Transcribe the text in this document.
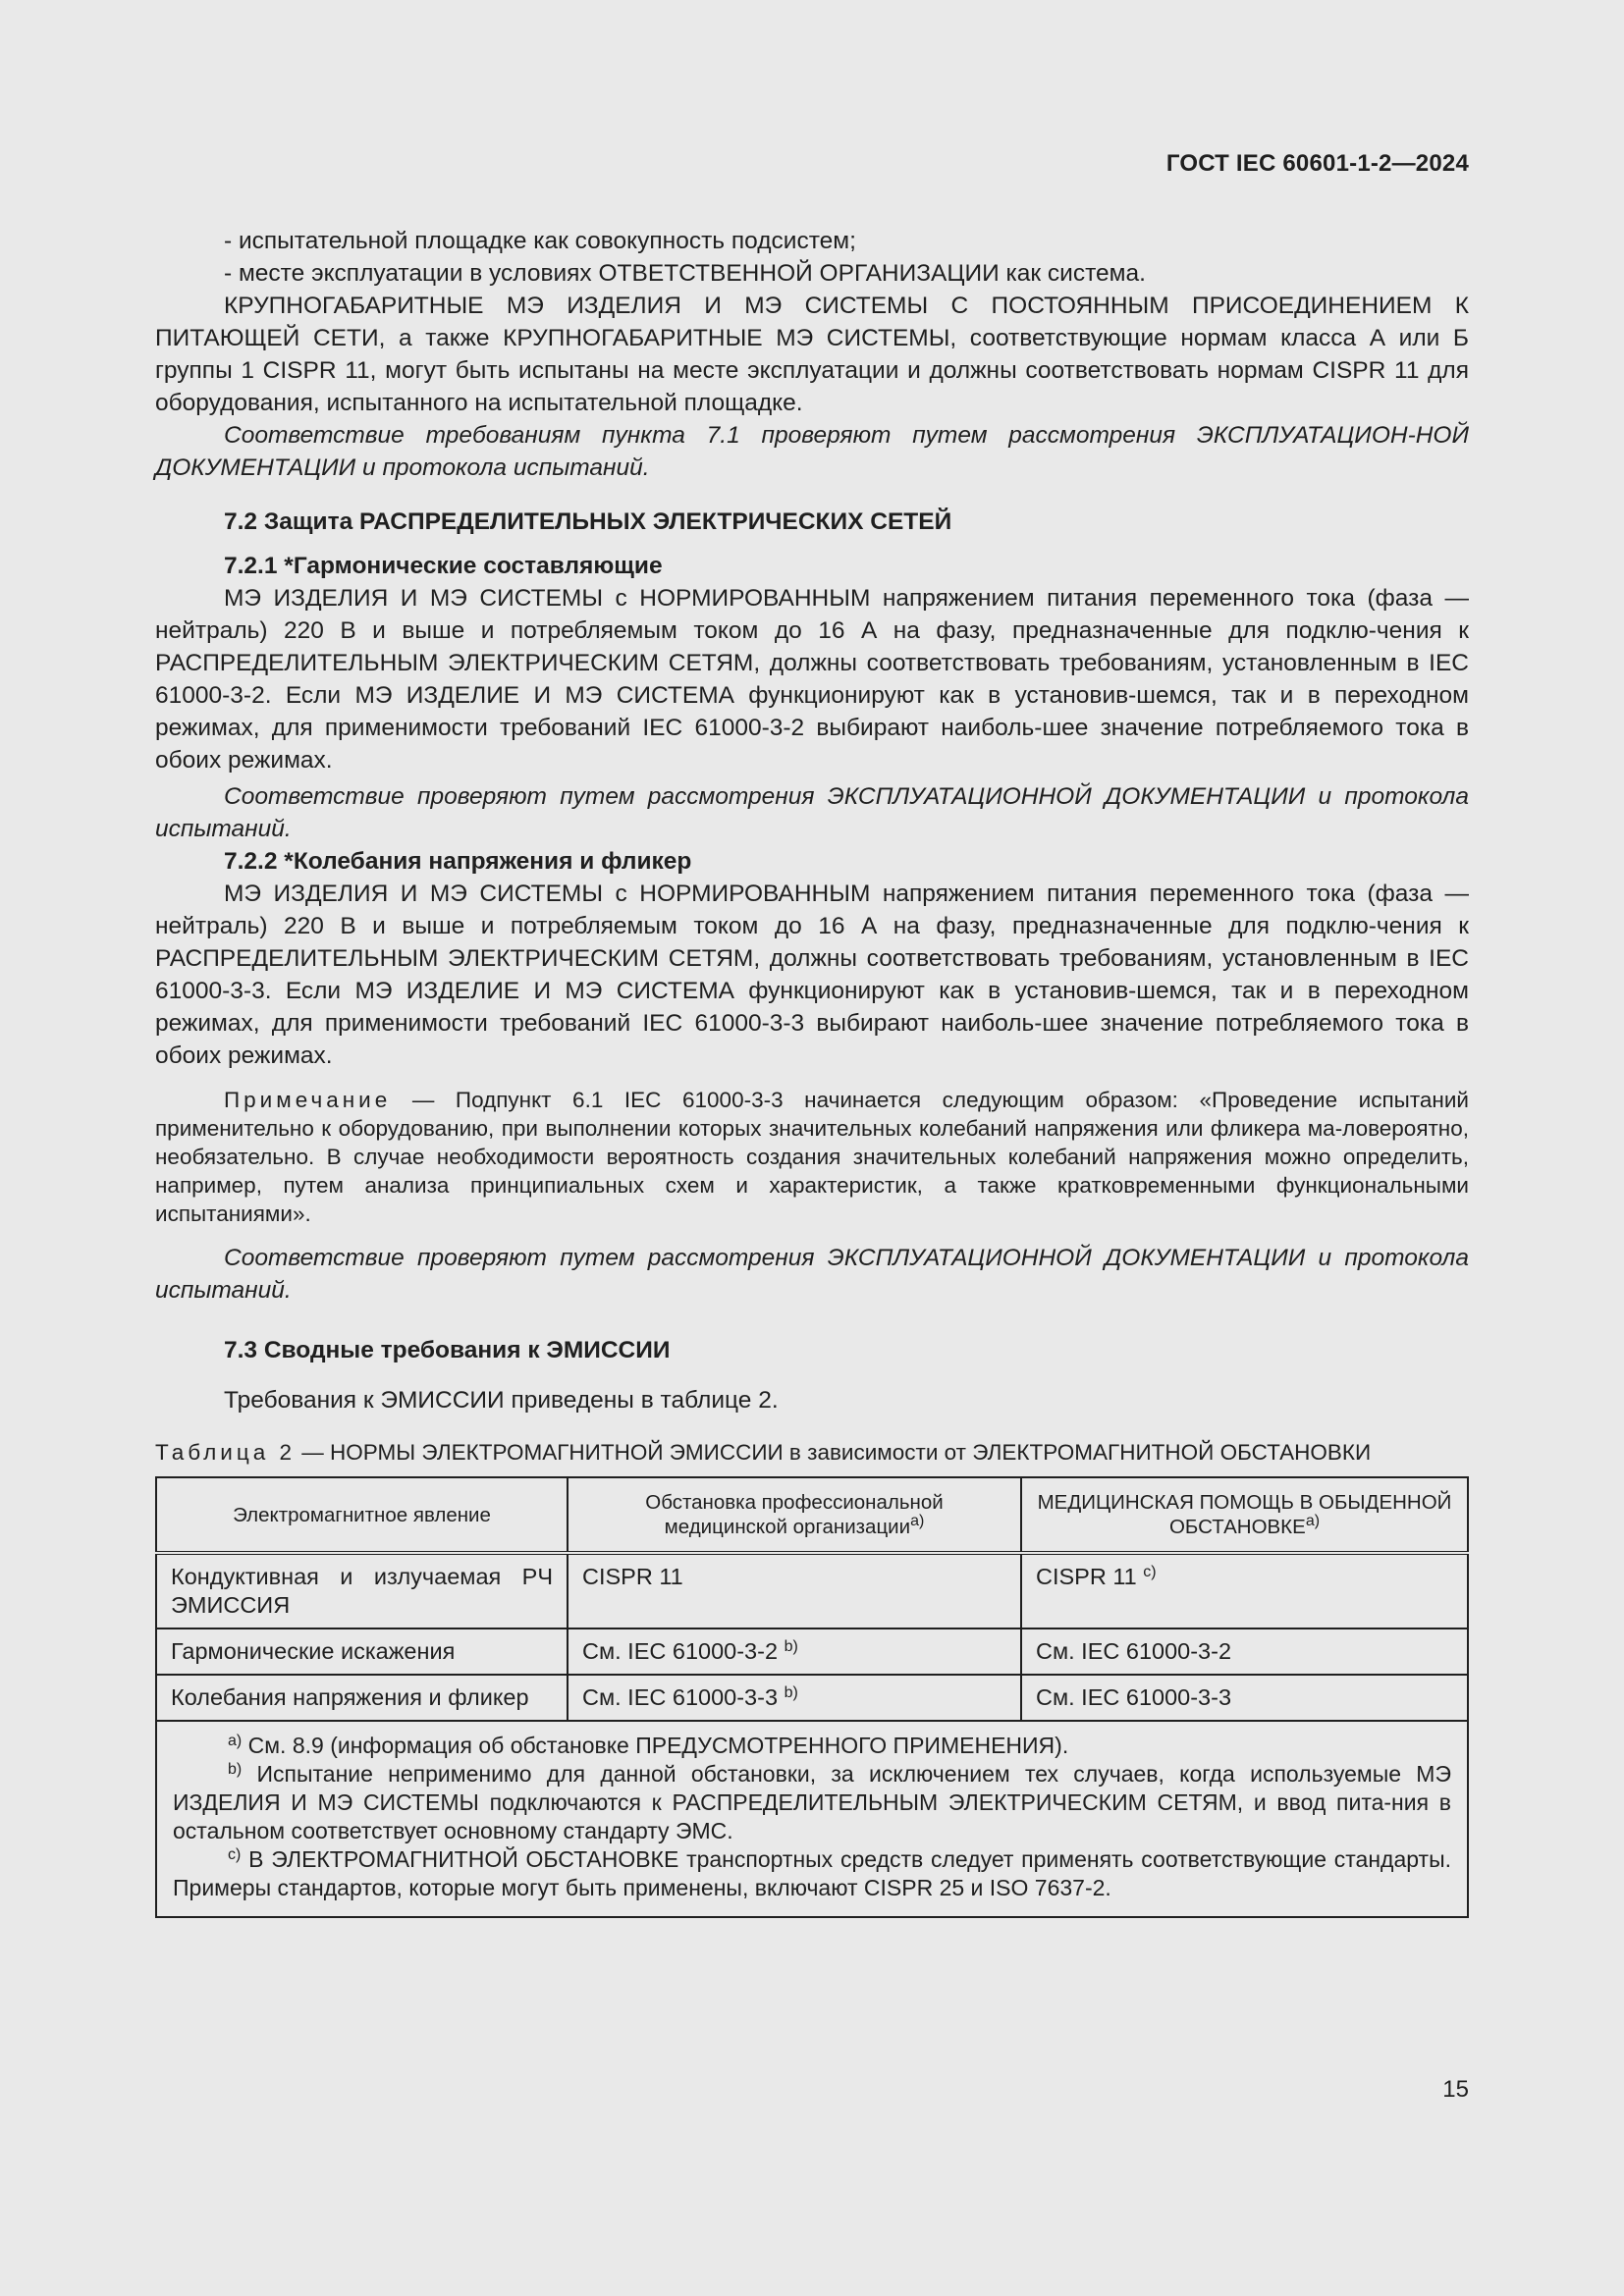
ГОСТ IEC 60601-1-2—2024

- испытательной площадке как совокупность подсистем;

- месте эксплуатации в условиях ОТВЕТСТВЕННОЙ ОРГАНИЗАЦИИ как система.

КРУПНОГАБАРИТНЫЕ МЭ ИЗДЕЛИЯ И МЭ СИСТЕМЫ С ПОСТОЯННЫМ ПРИСОЕДИНЕНИЕМ К ПИТАЮЩЕЙ СЕТИ, а также КРУПНОГАБАРИТНЫЕ МЭ СИСТЕМЫ, соответствующие нормам класса А или Б группы 1 CISPR 11, могут быть испытаны на месте эксплуатации и должны соответствовать нормам CISPR 11 для оборудования, испытанного на испытательной площадке.

Соответствие требованиям пункта 7.1 проверяют путем рассмотрения ЭКСПЛУАТАЦИОН-НОЙ ДОКУМЕНТАЦИИ и протокола испытаний.

7.2 Защита РАСПРЕДЕЛИТЕЛЬНЫХ ЭЛЕКТРИЧЕСКИХ СЕТЕЙ
7.2.1 *Гармонические составляющие

МЭ ИЗДЕЛИЯ И МЭ СИСТЕМЫ с НОРМИРОВАННЫМ напряжением питания переменного тока (фаза — нейтраль) 220 В и выше и потребляемым током до 16 А на фазу, предназначенные для подклю-чения к РАСПРЕДЕЛИТЕЛЬНЫМ ЭЛЕКТРИЧЕСКИМ СЕТЯМ, должны соответствовать требованиям, установленным в IEC 61000-3-2. Если МЭ ИЗДЕЛИЕ И МЭ СИСТЕМА функционируют как в установив-шемся, так и в переходном режимах, для применимости требований IEC 61000-3-2 выбирают наиболь-шее значение потребляемого тока в обоих режимах.

Соответствие проверяют путем рассмотрения ЭКСПЛУАТАЦИОННОЙ ДОКУМЕНТАЦИИ и протокола испытаний.

7.2.2 *Колебания напряжения и фликер

МЭ ИЗДЕЛИЯ И МЭ СИСТЕМЫ с НОРМИРОВАННЫМ напряжением питания переменного тока (фаза — нейтраль) 220 В и выше и потребляемым током до 16 А на фазу, предназначенные для подклю-чения к РАСПРЕДЕЛИТЕЛЬНЫМ ЭЛЕКТРИЧЕСКИМ СЕТЯМ, должны соответствовать требованиям, установленным в IEC 61000-3-3. Если МЭ ИЗДЕЛИЕ И МЭ СИСТЕМА функционируют как в установив-шемся, так и в переходном режимах, для применимости требований IEC 61000-3-3 выбирают наиболь-шее значение потребляемого тока в обоих режимах.

Примечание — Подпункт 6.1 IEC 61000-3-3 начинается следующим образом: «Проведение испытаний применительно к оборудованию, при выполнении которых значительных колебаний напряжения или фликера ма-ловероятно, необязательно. В случае необходимости вероятность создания значительных колебаний напряжения можно определить, например, путем анализа принципиальных схем и характеристик, а также кратковременными функциональными испытаниями».

Соответствие проверяют путем рассмотрения ЭКСПЛУАТАЦИОННОЙ ДОКУМЕНТАЦИИ и протокола испытаний.

7.3 Сводные требования к ЭМИССИИ

Требования к ЭМИССИИ приведены в таблице 2.

Таблица 2 — НОРМЫ ЭЛЕКТРОМАГНИТНОЙ ЭМИССИИ в зависимости от ЭЛЕКТРОМАГНИТНОЙ ОБСТАНОВКИ
Электромагнитное явление	Обстановка профессиональной медицинской организации$^{a)}$	МЕДИЦИНСКАЯ ПОМОЩЬ В ОБЫДЕННОЙ ОБСТАНОВКЕ$^{a)}$
Кондуктивная и излучаемая РЧ ЭМИССИЯ	CISPR 11	CISPR 11 $^{c)}$
Гармонические искажения	См. IEC 61000-3-2 $^{b)}$	См. IEC 61000-3-2
Колебания напряжения и фликер	См. IEC 61000-3-3 $^{b)}$	См. IEC 61000-3-3

$^{a)}$ См. 8.9 (информация об обстановке ПРЕДУСМОТРЕННОГО ПРИМЕНЕНИЯ).

$^{b)}$ Испытание неприменимо для данной обстановки, за исключением тех случаев, когда используемые МЭ ИЗДЕЛИЯ И МЭ СИСТЕМЫ подключаются к РАСПРЕДЕЛИТЕЛЬНЫМ ЭЛЕКТРИЧЕСКИМ СЕТЯМ, и ввод пита-ния в остальном соответствует основному стандарту ЭМС.

$^{c)}$ В ЭЛЕКТРОМАГНИТНОЙ ОБСТАНОВКЕ транспортных средств следует применять соответствующие стандарты. Примеры стандартов, которые могут быть применены, включают CISPR 25 и ISO 7637-2.		

15
